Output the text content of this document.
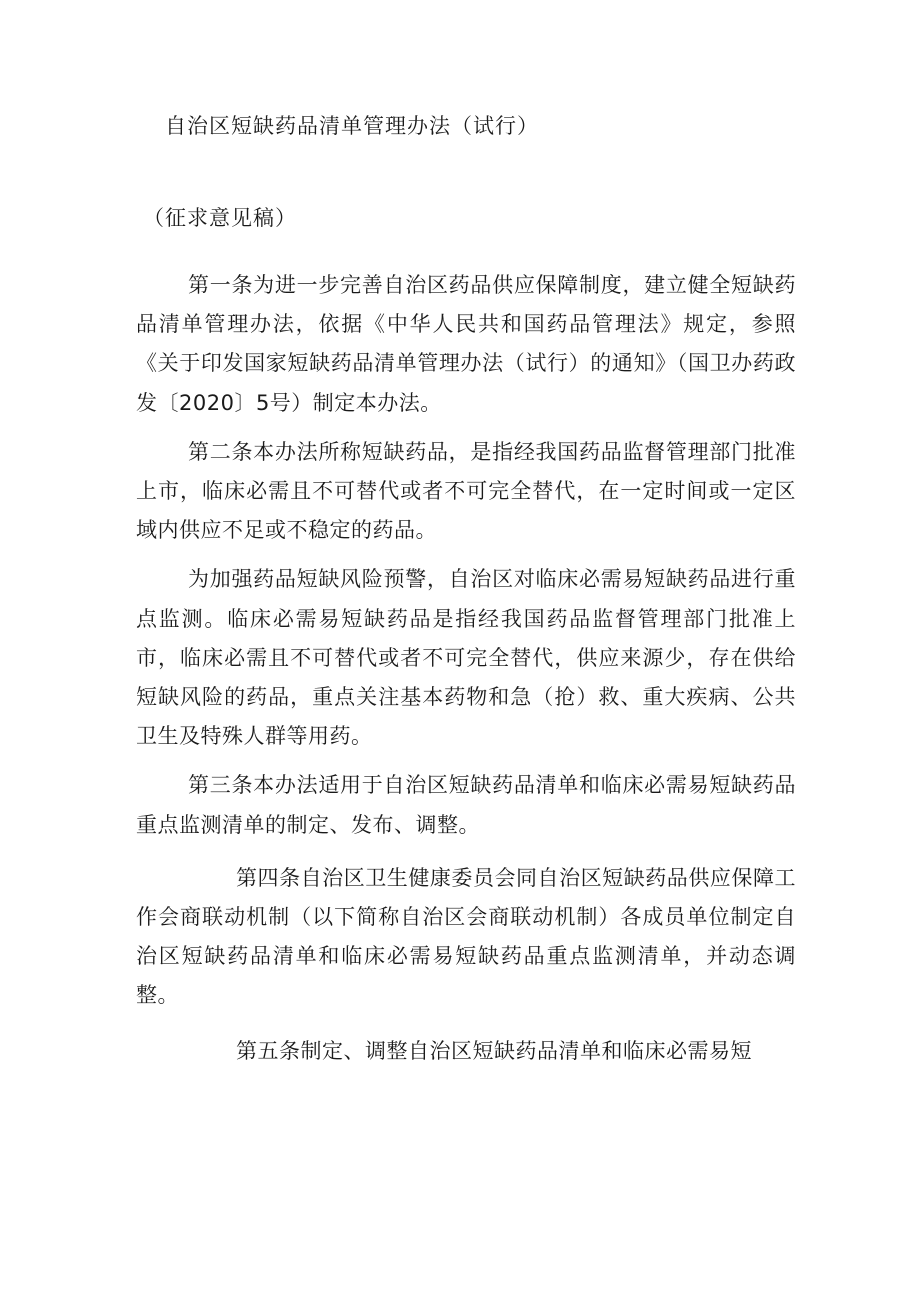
自治区短缺药品清单管理办法（试行）
（征求意见稿）

第一条为进一步完善自治区药品供应保障制度，建立健全短缺药品清单管理办法，依据《中华人民共和国药品管理法》规定，参照《关于印发国家短缺药品清单管理办法（试行）的通知》（国卫办药政发〔2020〕5号）制定本办法。

第二条本办法所称短缺药品，是指经我国药品监督管理部门批准上市，临床必需且不可替代或者不可完全替代，在一定时间或一定区域内供应不足或不稳定的药品。

为加强药品短缺风险预警，自治区对临床必需易短缺药品进行重点监测。临床必需易短缺药品是指经我国药品监督管理部门批准上市，临床必需且不可替代或者不可完全替代，供应来源少，存在供给短缺风险的药品，重点关注基本药物和急（抢）救、重大疾病、公共卫生及特殊人群等用药。

第三条本办法适用于自治区短缺药品清单和临床必需易短缺药品重点监测清单的制定、发布、调整。

第四条自治区卫生健康委员会同自治区短缺药品供应保障工作会商联动机制（以下简称自治区会商联动机制）各成员单位制定自治区短缺药品清单和临床必需易短缺药品重点监测清单，并动态调整。

第五条制定、调整自治区短缺药品清单和临床必需易短
